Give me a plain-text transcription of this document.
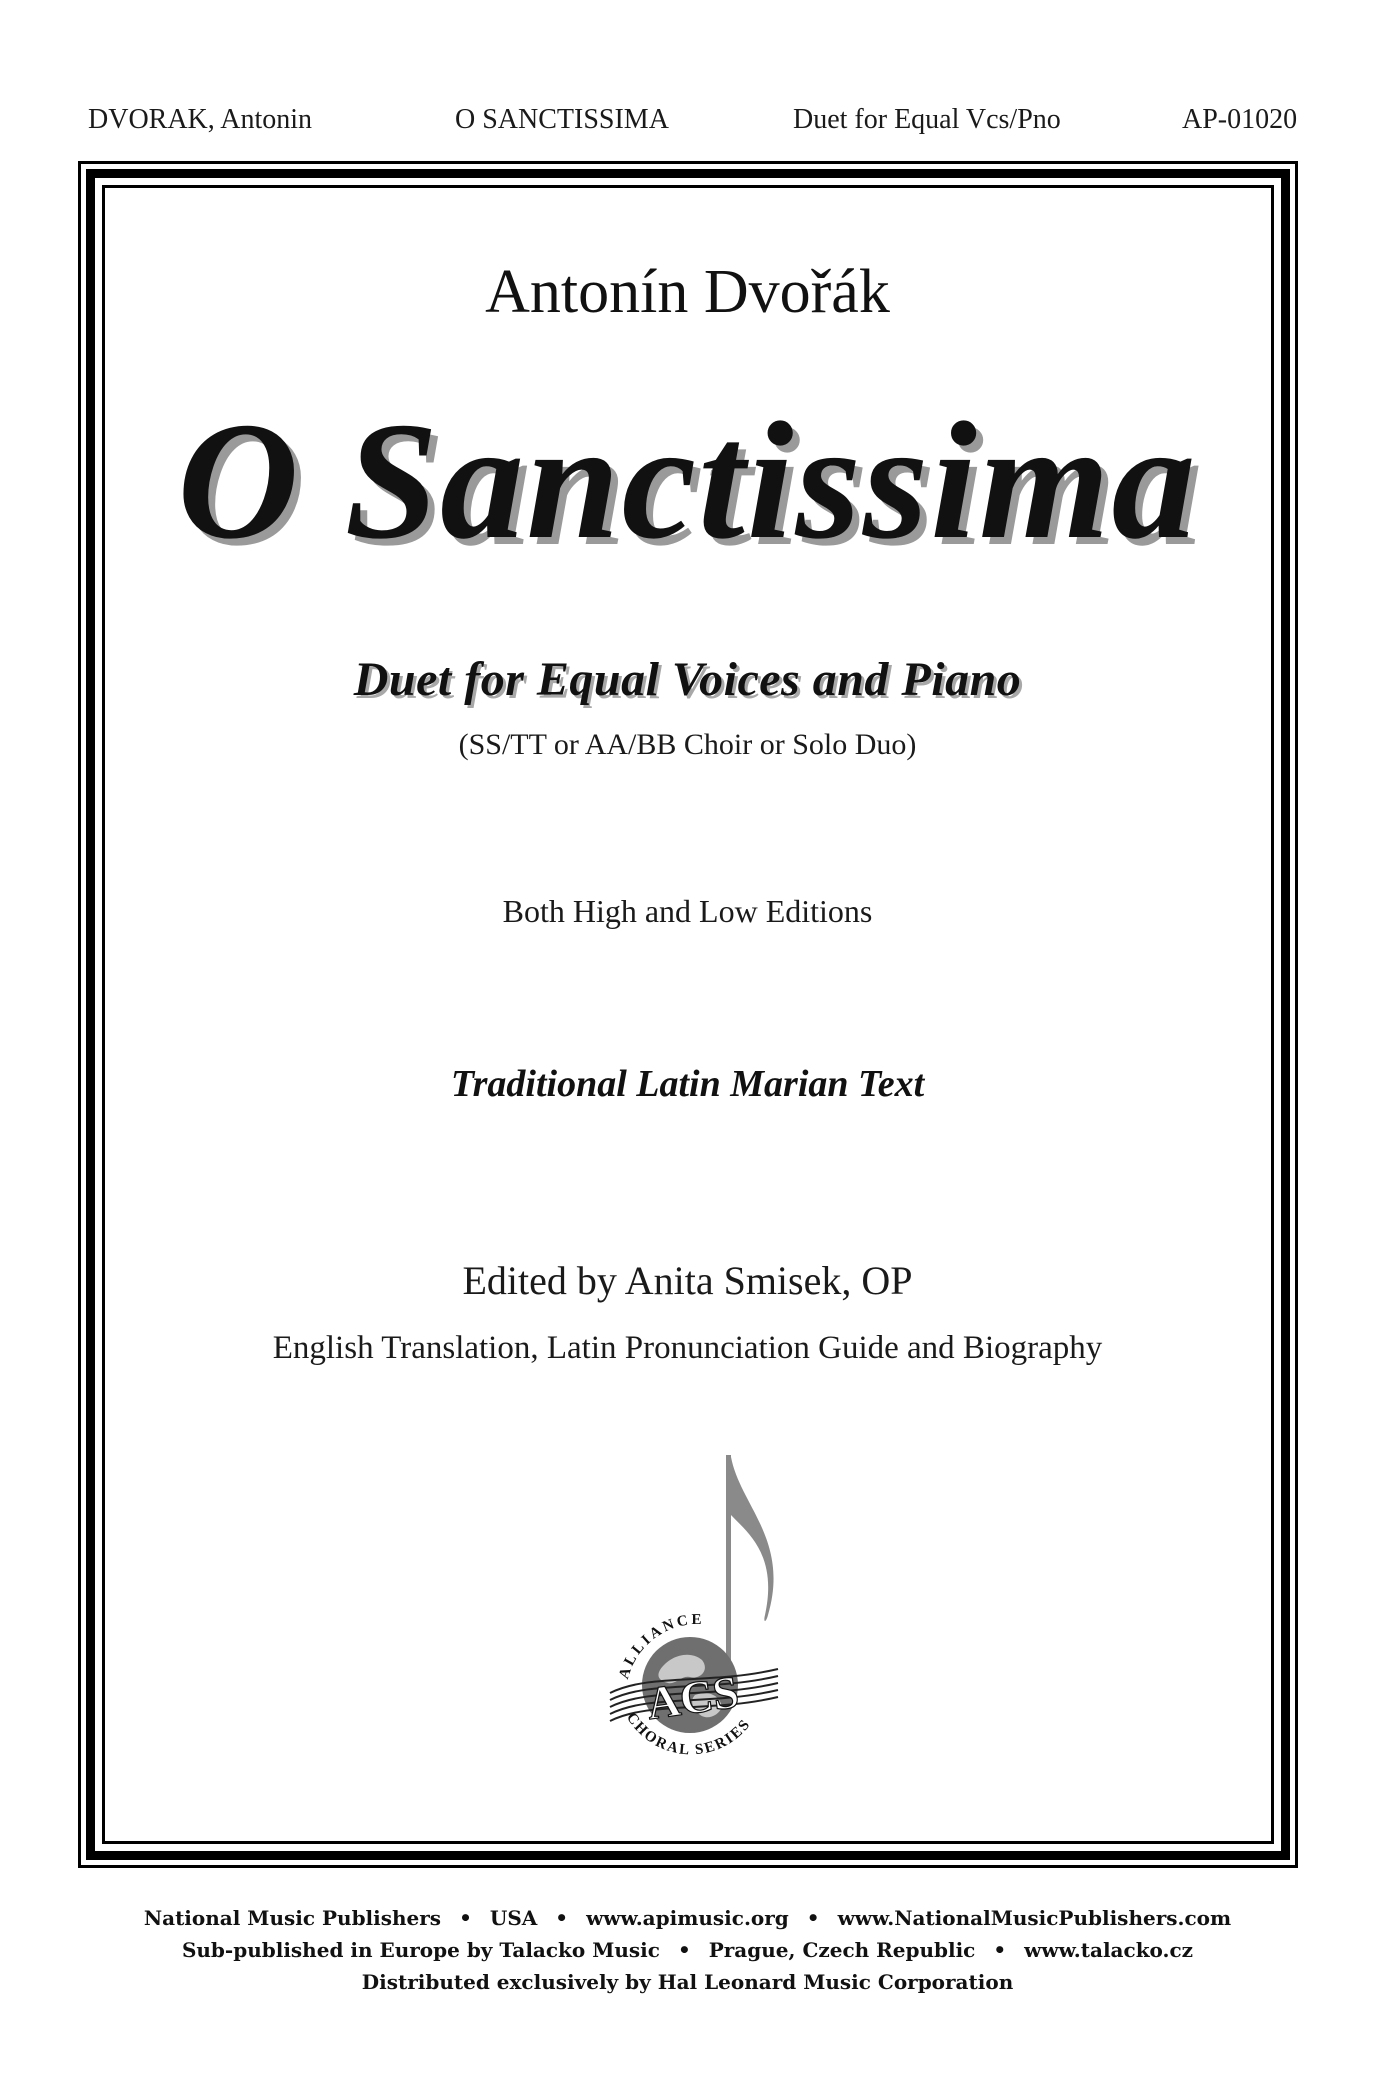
DVORAK, Antonin	O SANCTISSIMA	Duet for Equal Vcs/Pno	AP-01020
Antonín Dvořák
O Sanctissima
Duet for Equal Voices and Piano
(SS/TT or AA/BB Choir or Solo Duo)
Both High and Low Editions
Traditional Latin Marian Text
Edited by Anita Smisek, OP
English Translation, Latin Pronunciation Guide and Biography
ACS
ALLIANCE
CHORAL SERIES
National Music Publishers • USA • www.apimusic.org • www.NationalMusicPublishers.com
Sub-published in Europe by Talacko Music • Prague, Czech Republic • www.talacko.cz
Distributed exclusively by Hal Leonard Music Corporation
